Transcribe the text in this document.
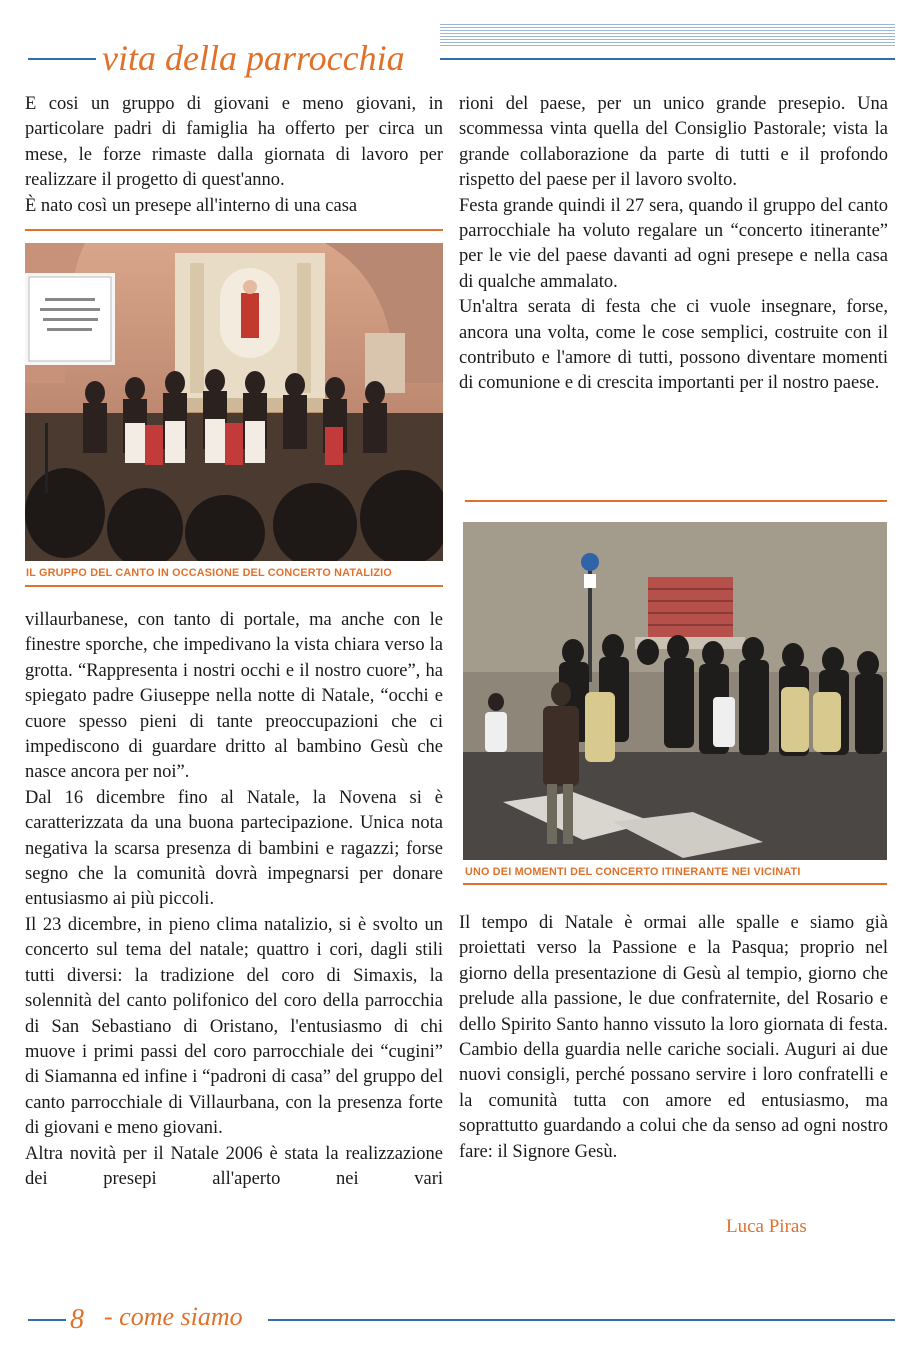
vita della parrocchia

E cosi un gruppo di giovani e meno giovani, in particolare padri di famiglia ha offerto per circa un mese, le forze rimaste dalla giornata di lavoro per realizzare il progetto di quest'anno.

È nato così un presepe all'interno di una casa

IL GRUPPO DEL CANTO IN OCCASIONE DEL CONCERTO NATALIZIO

villaurbanese, con tanto di portale, ma anche con le finestre sporche, che impedivano la vista chiara verso la grotta. “Rappresenta i nostri occhi e il nostro cuore”, ha spiegato padre Giuseppe nella notte di Natale, “occhi e cuore spesso pieni di tante preoccupazioni che ci impediscono di guardare dritto al bambino Gesù che nasce ancora per noi”.

Dal 16 dicembre fino al Natale, la Novena si è caratterizzata da una buona partecipazione. Unica nota negativa la scarsa presenza di bambini e ragazzi; forse segno che la comunità dovrà impegnarsi per donare entusiasmo ai più piccoli.

Il 23 dicembre, in pieno clima natalizio, si è svolto un concerto sul tema del natale; quattro i cori, dagli stili tutti diversi: la tradizione del coro di Simaxis, la solennità del canto polifonico del coro della parrocchia di San Sebastiano di Oristano, l'entusiasmo di chi muove i primi passi del coro parrocchiale dei “cugini” di Siamanna ed infine i “padroni di casa” del gruppo del canto parrocchiale di Villaurbana, con la presenza forte di giovani e meno giovani.

Altra novità per il Natale 2006 è stata la realizzazione dei presepi all'aperto nei vari

rioni del paese, per un unico grande presepio. Una scommessa vinta quella del Consiglio Pastorale; vista la grande collaborazione da parte di tutti e il profondo rispetto del paese per il lavoro svolto.

Festa grande quindi il 27 sera, quando il gruppo del canto parrocchiale ha voluto regalare un “concerto itinerante” per le vie del paese davanti ad ogni presepe e nella casa di qualche ammalato.

Un'altra serata di festa che ci vuole insegnare, forse, ancora una volta, come le cose semplici, costruite con il contributo e l'amore di tutti, possono diventare momenti di comunione e di crescita importanti per il nostro paese.

UNO DEI MOMENTI DEL CONCERTO ITINERANTE NEI VICINATI

Il tempo di Natale è ormai alle spalle e siamo già proiettati verso la Passione e la Pasqua; proprio nel giorno della presentazione di Gesù al tempio, giorno che prelude alla passione, le due confraternite, del Rosario e dello Spirito Santo hanno vissuto la loro giornata di festa. Cambio della guardia nelle cariche sociali. Auguri ai due nuovi consigli, perché possano servire i loro confratelli e la comunità tutta con amore ed entusiasmo, ma soprattutto guardando a colui che da senso ad ogni nostro fare: il Signore Gesù.

Luca Piras
8 - come siamo
